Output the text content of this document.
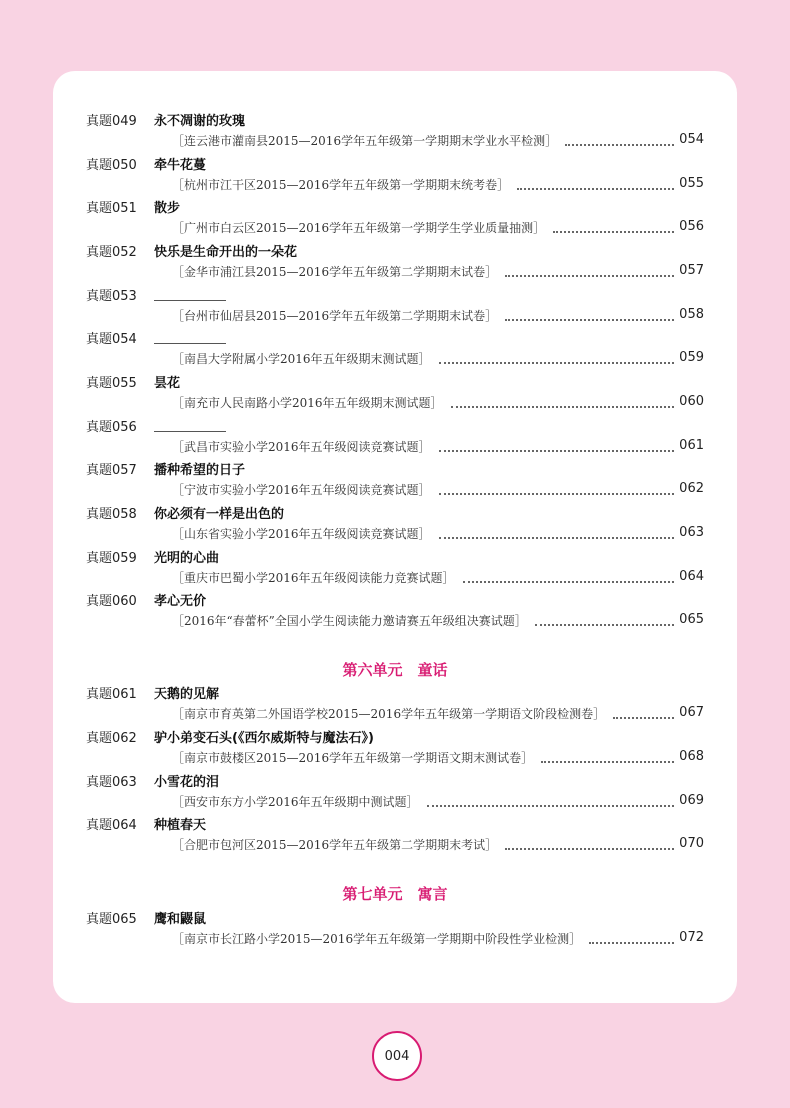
真题049 永不凋谢的玫瑰
［连云港市灌南县2015—2016学年五年级第一学期期末学业水平检测］	054
真题050 牵牛花蔓
［杭州市江干区2015—2016学年五年级第一学期期末统考卷］	055
真题051 散步
［广州市白云区2015—2016学年五年级第一学期学生学业质量抽测］	056
真题052 快乐是生命开出的一朵花
［金华市浦江县2015—2016学年五年级第二学期期末试卷］	057
真题053
［台州市仙居县2015—2016学年五年级第二学期期末试卷］	058
真题054
［南昌大学附属小学2016年五年级期末测试题］	059
真题055 昙花
［南充市人民南路小学2016年五年级期末测试题］	060
真题056
［武昌市实验小学2016年五年级阅读竞赛试题］	061
真题057 播种希望的日子
［宁波市实验小学2016年五年级阅读竞赛试题］	062
真题058 你必须有一样是出色的
［山东省实验小学2016年五年级阅读竞赛试题］	063
真题059 光明的心曲
［重庆市巴蜀小学2016年五年级阅读能力竞赛试题］	064
真题060 孝心无价
［2016年“春蕾杯”全国小学生阅读能力邀请赛五年级组决赛试题］	065
真题061 天鹅的见解
［南京市育英第二外国语学校2015—2016学年五年级第一学期语文阶段检测卷］	067
真题062 驴小弟变石头(《西尔威斯特与魔法石》)
［南京市鼓楼区2015—2016学年五年级第一学期语文期末测试卷］	068
真题063 小雪花的泪
［西安市东方小学2016年五年级期中测试题］	069
真题064 种植春天
［合肥市包河区2015—2016学年五年级第二学期期末考试］	070
真题065 鹰和鼹鼠
［南京市长江路小学2015—2016学年五年级第一学期期中阶段性学业检测］	072
第六单元　童话
第七单元　寓言
004
